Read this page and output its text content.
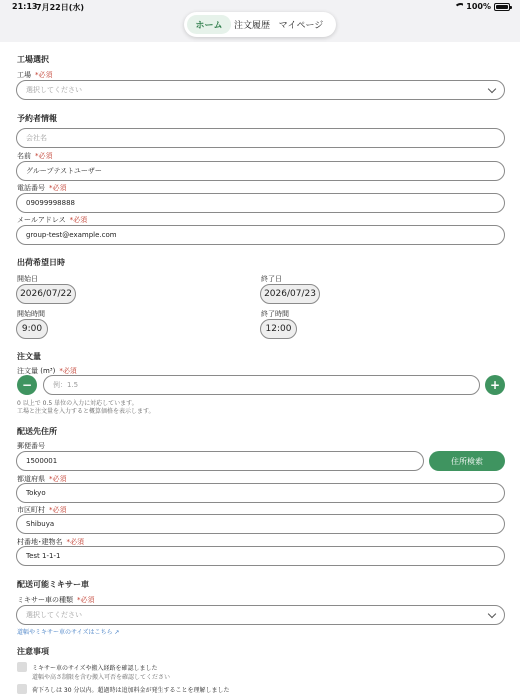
21:13
7月22日(水)	100%
ホーム	注文履歴 マイページ
工場選択
工場 *必須
選択してください
予約者情報
会社名
名前 *必須
グループテストユーザー
電話番号 *必須
09099998888
メールアドレス *必須
group-test@example.com
出荷希望日時
開始日
2026/07/22
終了日
2026/07/23
開始時間
9:00
終了時間
12:00
注文量
注文量 (m³) *必須
−	例：1.5	+
0 以上で 0.5 単位の入力に対応しています。
工場と注文量を入力すると概算価格を表示します。
配送先住所
郵便番号
1500001	住所検索
都道府県 *必須
Tokyo
市区町村 *必須
Shibuya
村番地･建物名 *必須
Test 1-1-1
配送可能ミキサー車
ミキサー車の種類 *必須
選択してください
道幅やミキサー車のサイズはこちら ↗
注意事項
ミキサー車のサイズや搬入経路を確認しました
道幅や高さ制限を含む搬入可否を確認してください
荷下ろしは 30 分以内。超過時は追加料金が発生することを理解しました
